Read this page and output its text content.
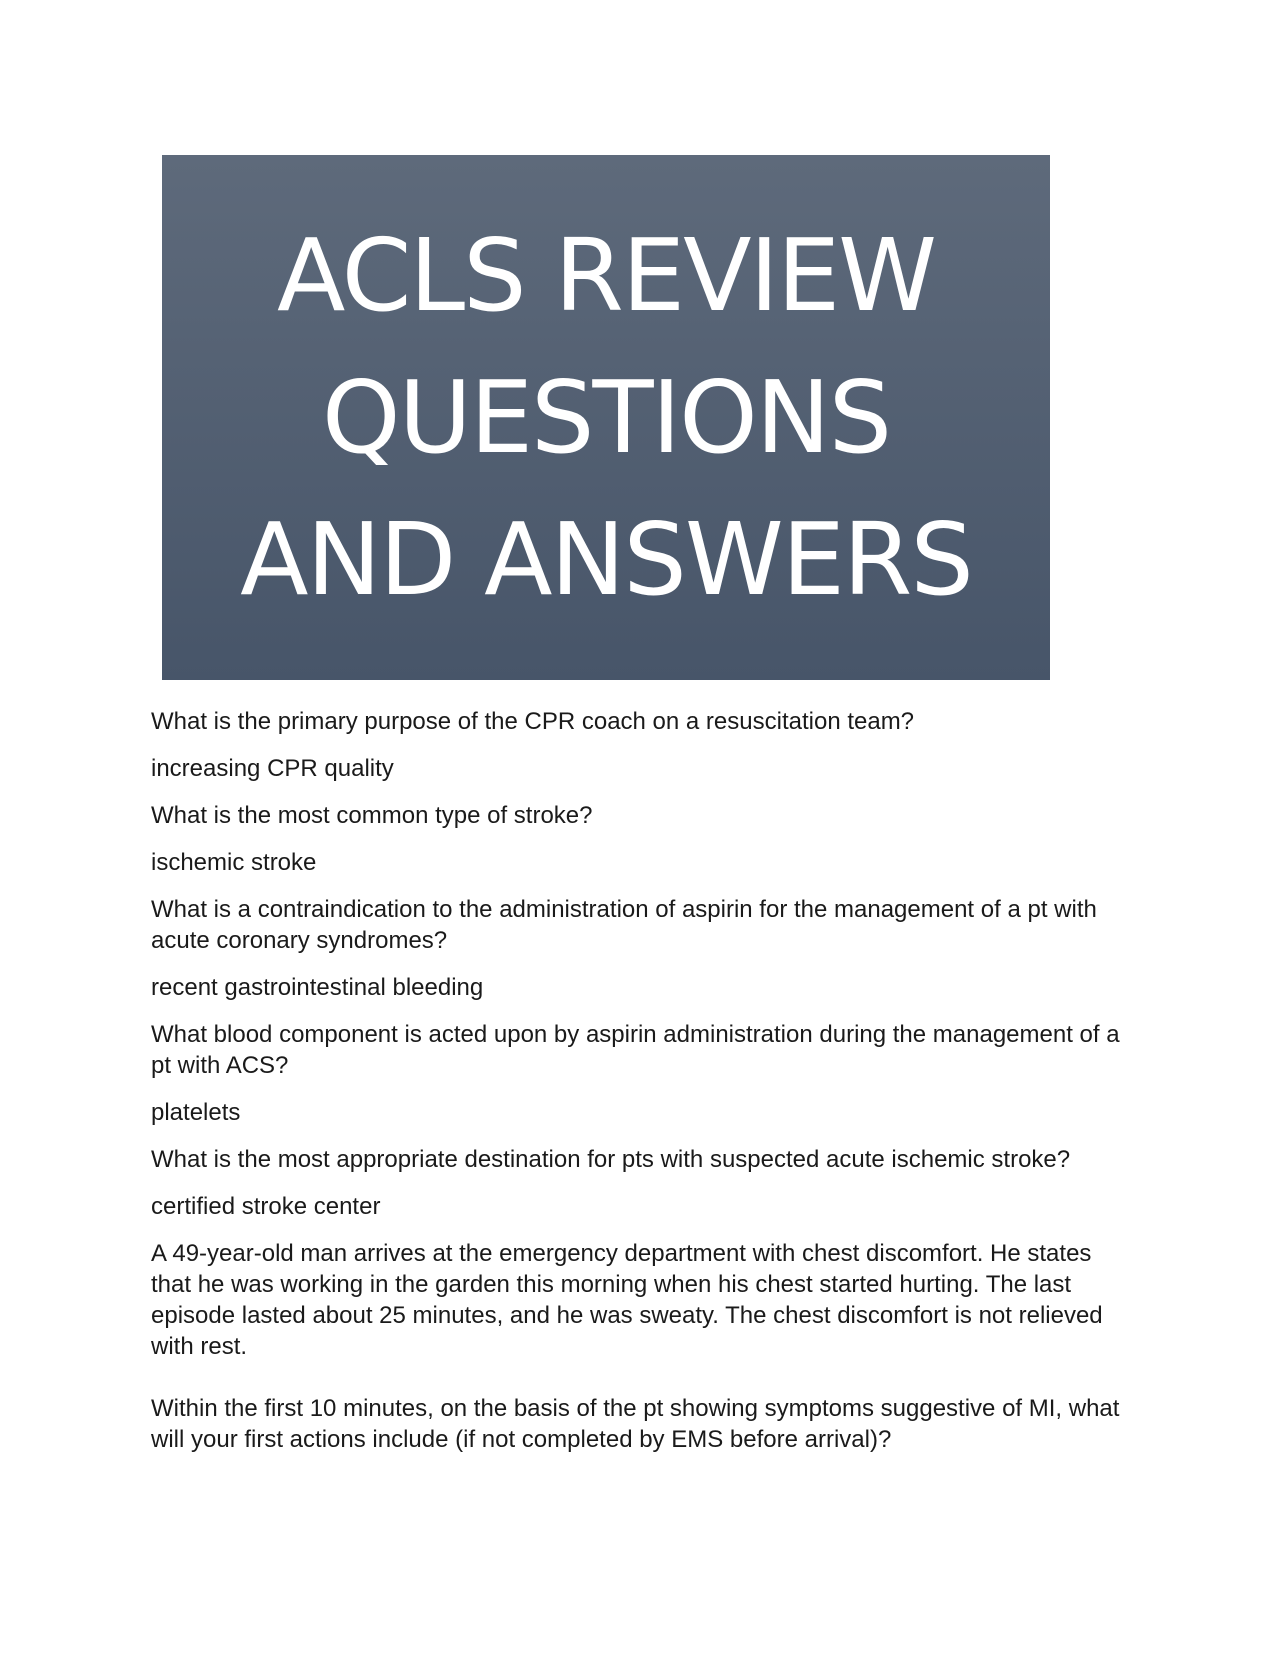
ACLS REVIEW
QUESTIONS
AND ANSWERS

What is the primary purpose of the CPR coach on a resuscitation team?

increasing CPR quality

What is the most common type of stroke?

ischemic stroke

What is a contraindication to the administration of aspirin for the management of a pt with acute coronary syndromes?

recent gastrointestinal bleeding

What blood component is acted upon by aspirin administration during the management of a pt with ACS?

platelets

What is the most appropriate destination for pts with suspected acute ischemic stroke?

certified stroke center

A 49-year-old man arrives at the emergency department with chest discomfort. He states that he was working in the garden this morning when his chest started hurting. The last episode lasted about 25 minutes, and he was sweaty. The chest discomfort is not relieved with rest.

Within the first 10 minutes, on the basis of the pt showing symptoms suggestive of MI, what will your first actions include (if not completed by EMS before arrival)?
